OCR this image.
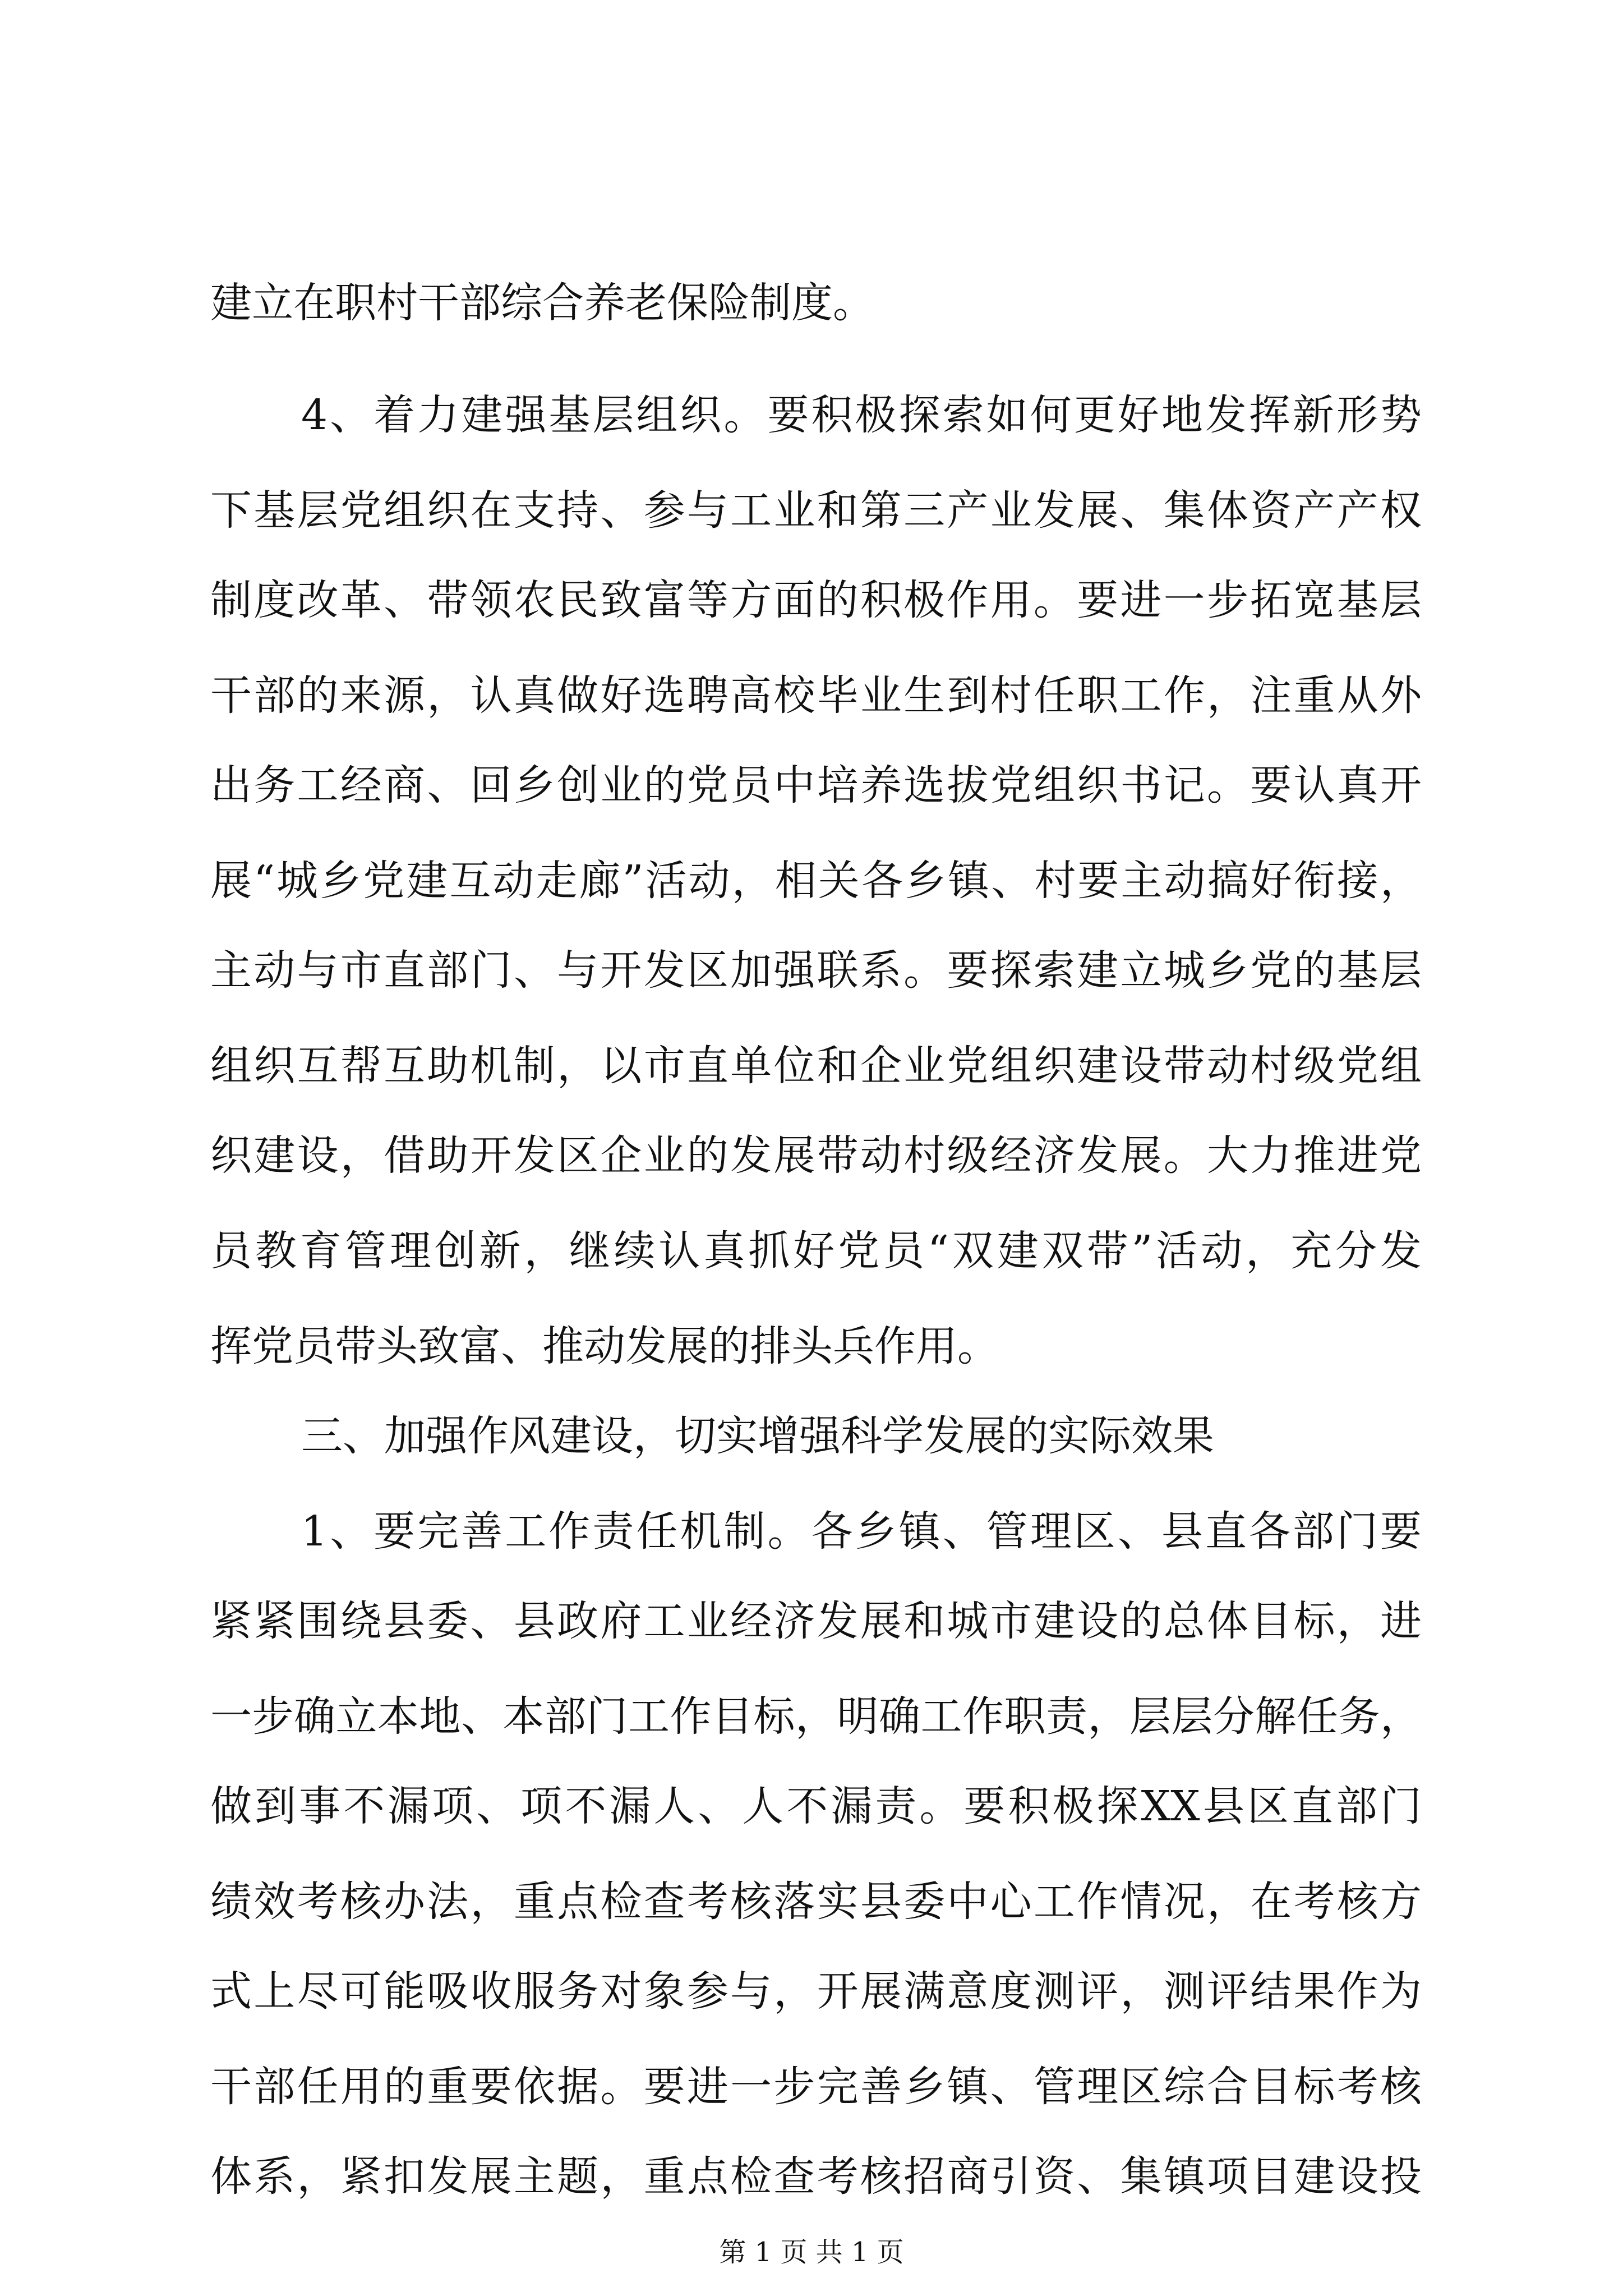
建立在职村干部综合养老保险制度。
4、着力建强基层组织。要积极探索如何更好地发挥新形势
下基层党组织在支持、参与工业和第三产业发展、集体资产产权
制度改革、带领农民致富等方面的积极作用。要进一步拓宽基层
干部的来源，认真做好选聘高校毕业生到村任职工作，注重从外
出务工经商、回乡创业的党员中培养选拔党组织书记。要认真开
展“城乡党建互动走廊”活动，相关各乡镇、村要主动搞好衔接，
主动与市直部门、与开发区加强联系。要探索建立城乡党的基层
组织互帮互助机制，以市直单位和企业党组织建设带动村级党组
织建设，借助开发区企业的发展带动村级经济发展。大力推进党
员教育管理创新，继续认真抓好党员“双建双带”活动，充分发
挥党员带头致富、推动发展的排头兵作用。
三、加强作风建设，切实增强科学发展的实际效果
1、要完善工作责任机制。各乡镇、管理区、县直各部门要
紧紧围绕县委、县政府工业经济发展和城市建设的总体目标，进
一步确立本地、本部门工作目标，明确工作职责，层层分解任务，
做到事不漏项、项不漏人、人不漏责。要积极探XX县区直部门
绩效考核办法，重点检查考核落实县委中心工作情况，在考核方
式上尽可能吸收服务对象参与，开展满意度测评，测评结果作为
干部任用的重要依据。要进一步完善乡镇、管理区综合目标考核
体系，紧扣发展主题，重点检查考核招商引资、集镇项目建设投
第 1 页 共 1 页
